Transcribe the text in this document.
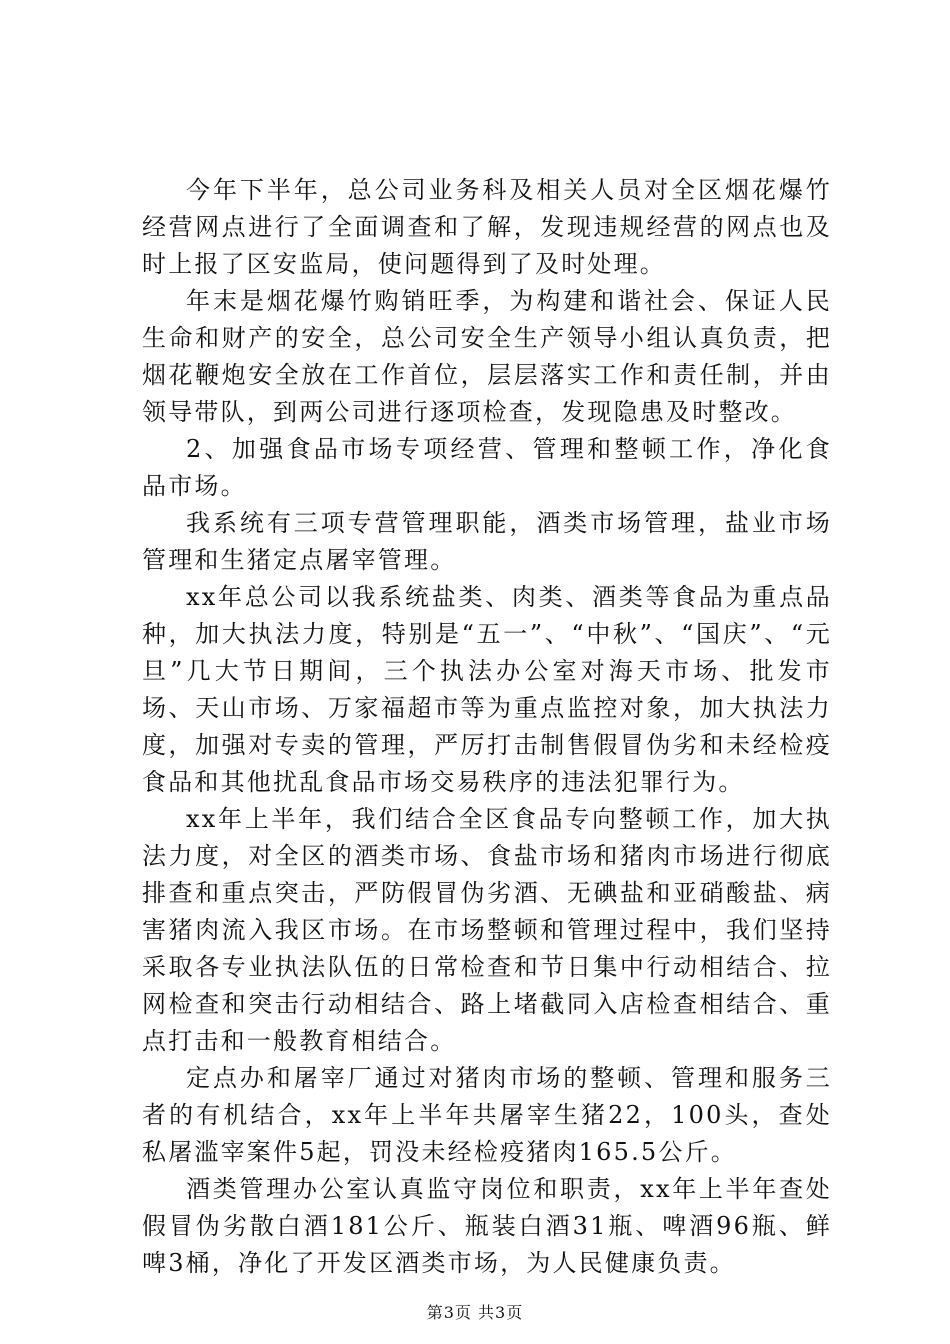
今年下半年，总公司业务科及相关人员对全区烟花爆竹经营网点进行了全面调查和了解，发现违规经营的网点也及时上报了区安监局，使问题得到了及时处理。

年末是烟花爆竹购销旺季，为构建和谐社会、保证人民生命和财产的安全，总公司安全生产领导小组认真负责，把烟花鞭炮安全放在工作首位，层层落实工作和责任制，并由领导带队，到两公司进行逐项检查，发现隐患及时整改。

2、加强食品市场专项经营、管理和整顿工作，净化食品市场。

我系统有三项专营管理职能，酒类市场管理，盐业市场管理和生猪定点屠宰管理。

xx年总公司以我系统盐类、肉类、酒类等食品为重点品种，加大执法力度，特别是“五一”、“中秋”、“国庆”、“元旦”几大节日期间，三个执法办公室对海天市场、批发市场、天山市场、万家福超市等为重点监控对象，加大执法力度，加强对专卖的管理，严厉打击制售假冒伪劣和未经检疫食品和其他扰乱食品市场交易秩序的违法犯罪行为。

xx年上半年，我们结合全区食品专向整顿工作，加大执法力度，对全区的酒类市场、食盐市场和猪肉市场进行彻底排查和重点突击，严防假冒伪劣酒、无碘盐和亚硝酸盐、病害猪肉流入我区市场。在市场整顿和管理过程中，我们坚持采取各专业执法队伍的日常检查和节日集中行动相结合、拉网检查和突击行动相结合、路上堵截同入店检查相结合、重点打击和一般教育相结合。

定点办和屠宰厂通过对猪肉市场的整顿、管理和服务三者的有机结合，xx年上半年共屠宰生猪22，100头，查处私屠滥宰案件5起，罚没未经检疫猪肉165.5公斤。

酒类管理办公室认真监守岗位和职责，xx年上半年查处假冒伪劣散白酒181公斤、瓶装白酒31瓶、啤酒96瓶、鲜啤3桶，净化了开发区酒类市场，为人民健康负责。

第3页 共3页
